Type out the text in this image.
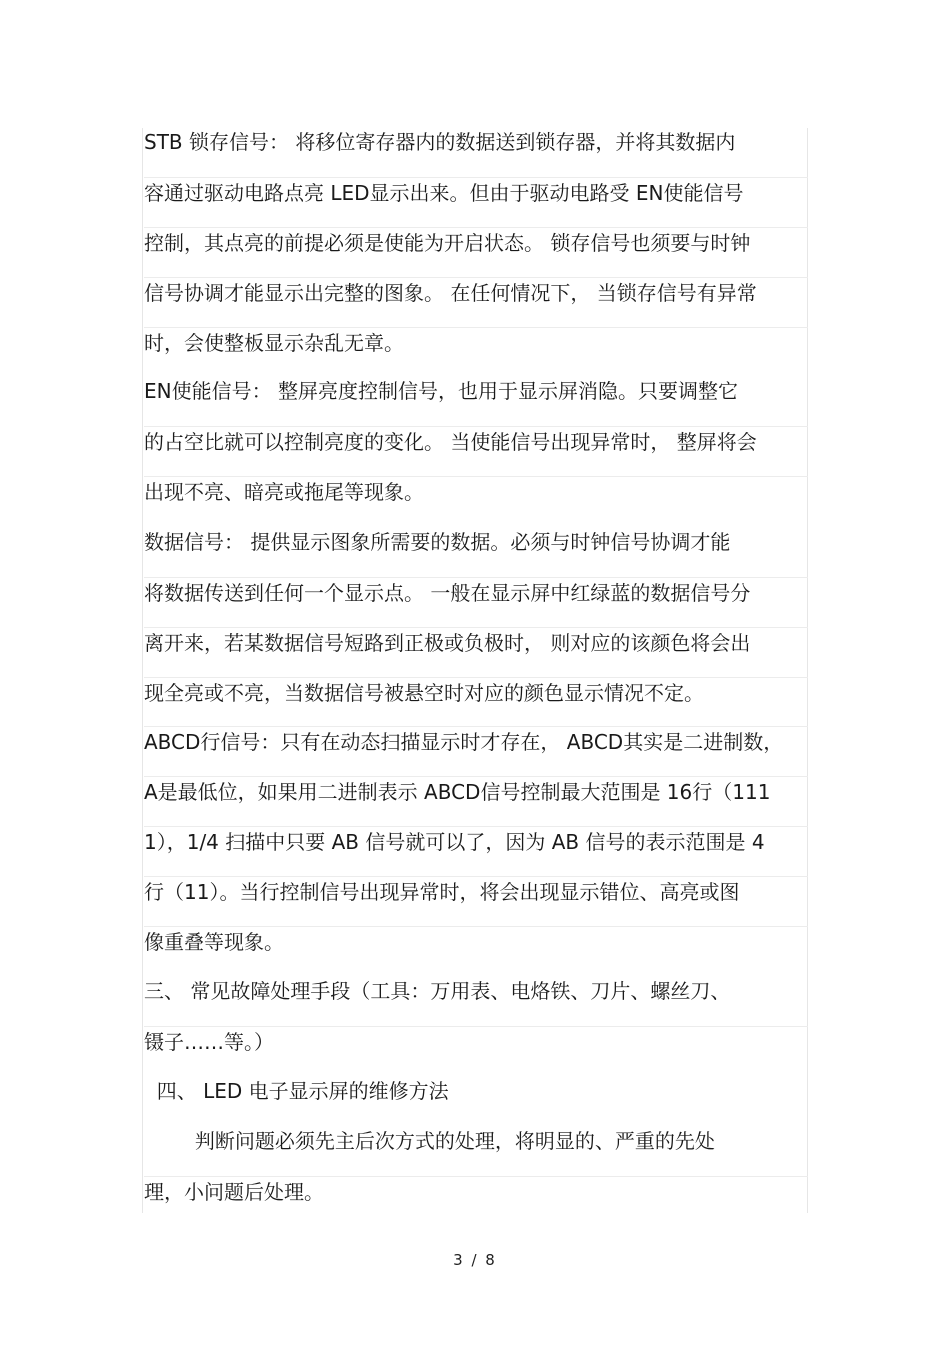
STB 锁存信号： 将移位寄存器内的数据送到锁存器，并将其数据内
容通过驱动电路点亮 LED显示出来。但由于驱动电路受 EN使能信号
控制，其点亮的前提必须是使能为开启状态。 锁存信号也须要与时钟
信号协调才能显示出完整的图象。 在任何情况下， 当锁存信号有异常
时，会使整板显示杂乱无章。
EN使能信号： 整屏亮度控制信号，也用于显示屏消隐。只要调整它
的占空比就可以控制亮度的变化。 当使能信号出现异常时， 整屏将会
出现不亮、暗亮或拖尾等现象。
数据信号： 提供显示图象所需要的数据。必须与时钟信号协调才能
将数据传送到任何一个显示点。 一般在显示屏中红绿蓝的数据信号分
离开来，若某数据信号短路到正极或负极时， 则对应的该颜色将会出
现全亮或不亮，当数据信号被悬空时对应的颜色显示情况不定。
ABCD行信号：只有在动态扫描显示时才存在， ABCD其实是二进制数，
A是最低位，如果用二进制表示 ABCD信号控制最大范围是 16行（111
1），1/4 扫描中只要 AB 信号就可以了，因为 AB 信号的表示范围是 4
行（11）。当行控制信号出现异常时，将会出现显示错位、高亮或图
像重叠等现象。
三、 常见故障处理手段（工具：万用表、电烙铁、刀片、螺丝刀、
镊子……等。）
四、 LED 电子显示屏的维修方法
判断问题必须先主后次方式的处理，将明显的、严重的先处
理，小问题后处理。
3 / 8
